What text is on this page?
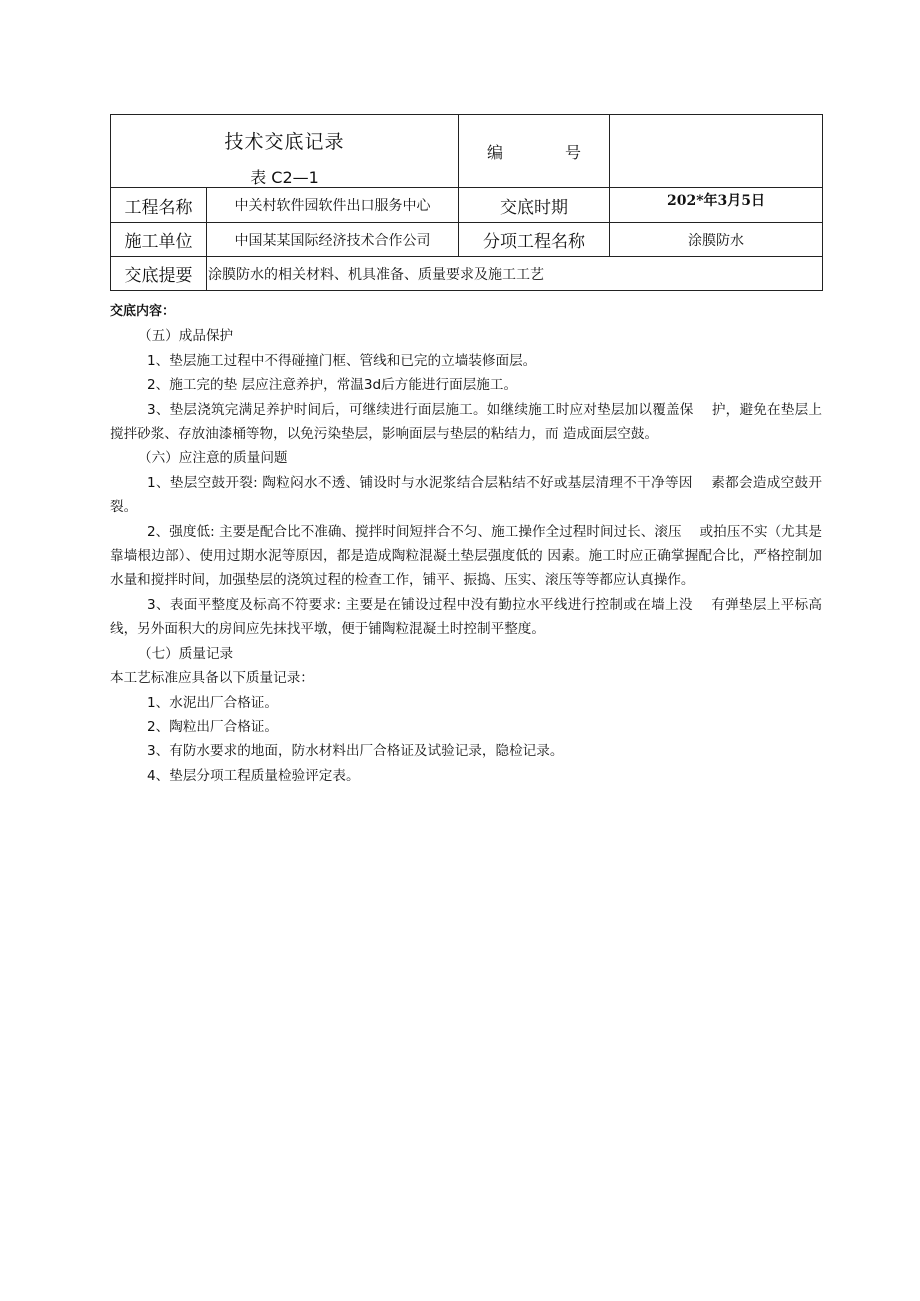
技术交底记录
表 C2—1		编 号	
工程名称	中关村软件园软件出口服务中心	交底时期	202*年3月5日
施工单位	中国某某国际经济技术合作公司	分项工程名称	涂膜防水
交底提要	涂膜防水的相关材料、机具准备、质量要求及施工工艺		

交底内容：

（五）成品保护

1、垫层施工过程中不得碰撞门框、管线和已完的立墙装修面层。

2、施工完的垫 层应注意养护，常温3d后方能进行面层施工。

3、垫层浇筑完满足养护时间后，可继续进行面层施工。如继续施工时应对垫层加以覆盖保　 护，避免在垫层上搅拌砂浆、存放油漆桶等物，以免污染垫层，影响面层与垫层的粘结力，而 造成面层空鼓。

（六）应注意的质量问题

1、垫层空鼓开裂: 陶粒闷水不透、铺设时与水泥浆结合层粘结不好或基层清理不干净等因　 素都会造成空鼓开裂。

2、强度低: 主要是配合比不准确、搅拌时间短拌合不匀、施工操作全过程时间过长、滚压　 或拍压不实（尤其是靠墙根边部）、使用过期水泥等原因，都是造成陶粒混凝土垫层强度低的 因素。施工时应正确掌握配合比，严格控制加水量和搅拌时间，加强垫层的浇筑过程的检查工作，铺平、振捣、压实、滚压等等都应认真操作。

3、表面平整度及标高不符要求: 主要是在铺设过程中没有勤拉水平线进行控制或在墙上没　 有弹垫层上平标高线，另外面积大的房间应先抹找平墩，便于铺陶粒混凝土时控制平整度。

（七）质量记录

本工艺标准应具备以下质量记录：

1、水泥出厂合格证。

2、陶粒出厂合格证。

3、有防水要求的地面，防水材料出厂合格证及试验记录，隐检记录。

4、垫层分项工程质量检验评定表。
